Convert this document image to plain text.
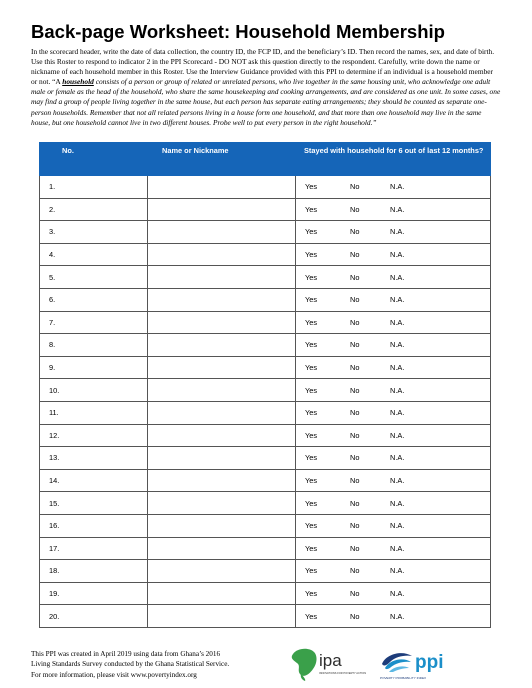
Back-page Worksheet: Household Membership
In the scorecard header, write the date of data collection, the country ID, the FCP ID, and the beneficiary’s ID. Then record the names, sex, and date of birth. Use this Roster to respond to indicator 2 in the PPI Scorecard - DO NOT ask this question directly to the respondent. Carefully, write down the name or nickname of each household member in this Roster. Use the Interview Guidance provided with this PPI to determine if an individual is a household member or not. “A household consists of a person or group of related or unrelated persons, who live together in the same housing unit, who acknowledge one adult male or female as the head of the household, who share the same housekeeping and cooking arrangements, and are considered as one unit. In some cases, one may find a group of people living together in the same house, but each person has separate eating arrangements; they should be counted as separate one-person households. Remember that not all related persons living in a house form one household, and that more than one household may live in the same house, but one household cannot live in two different houses. Probe well to put every person in the right household.”
No.	Name or Nickname	Stayed with household for 6 out of last 12 months?
1.		Yes No N.A.
2.		Yes No N.A.
3.		Yes No N.A.
4.		Yes No N.A.
5.		Yes No N.A.
6.		Yes No N.A.
7.		Yes No N.A.
8.		Yes No N.A.
9.		Yes No N.A.
10.		Yes No N.A.
11.		Yes No N.A.
12.		Yes No N.A.
13.		Yes No N.A.
14.		Yes No N.A.
15.		Yes No N.A.
16.		Yes No N.A.
17.		Yes No N.A.
18.		Yes No N.A.
19.		Yes No N.A.
20.		Yes No N.A.
This PPI was created in April 2019 using data from Ghana’s 2016
Living Standards Survey conducted by the Ghana Statistical Service.
For more information, please visit www.povertyindex.org
ipa
INNOVATIONS FOR POVERTY ACTION
ppi
POVERTY PROBABILITY INDEX
